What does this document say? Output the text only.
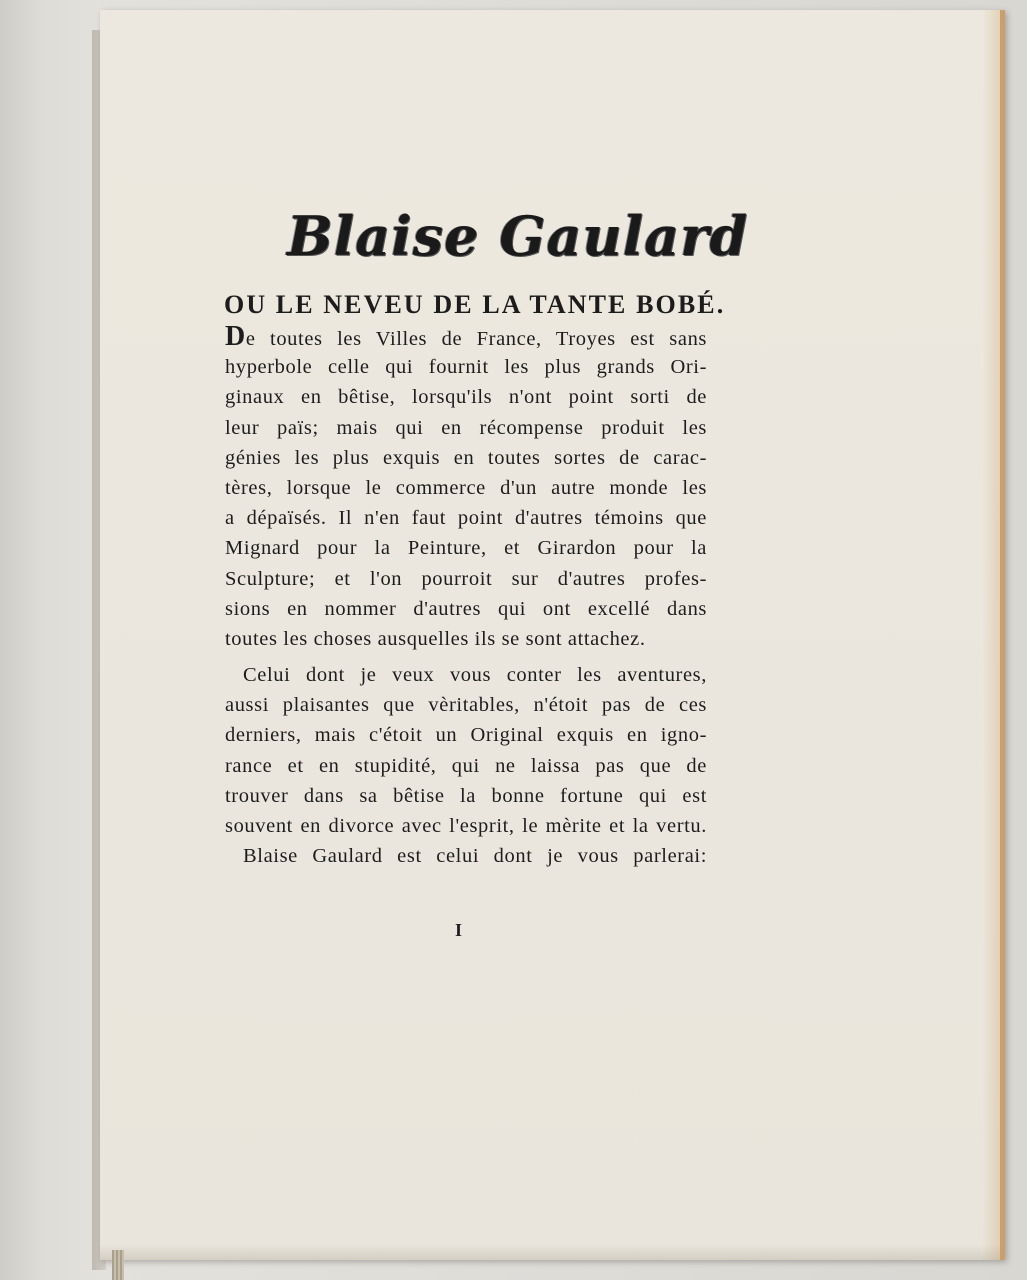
Blaise Gaulard
OU LE NEVEU DE LA TANTE BOBÉ.
De toutes les Villes de France, Troyes est sans
hyperbole celle qui fournit les plus grands Ori-
ginaux en bêtise, lorsqu'ils n'ont point sorti de
leur païs; mais qui en récompense produit les
génies les plus exquis en toutes sortes de carac-
tères, lorsque le commerce d'un autre monde les
a dépaïsés. Il n'en faut point d'autres témoins que
Mignard pour la Peinture, et Girardon pour la
Sculpture; et l'on pourroit sur d'autres profes-
sions en nommer d'autres qui ont excellé dans
toutes les choses ausquelles ils se sont attachez.
Celui dont je veux vous conter les aventures,
aussi plaisantes que vèritables, n'étoit pas de ces
derniers, mais c'étoit un Original exquis en igno-
rance et en stupidité, qui ne laissa pas que de
trouver dans sa bêtise la bonne fortune qui est
souvent en divorce avec l'esprit, le mèrite et la vertu.
Blaise Gaulard est celui dont je vous parlerai:

I
